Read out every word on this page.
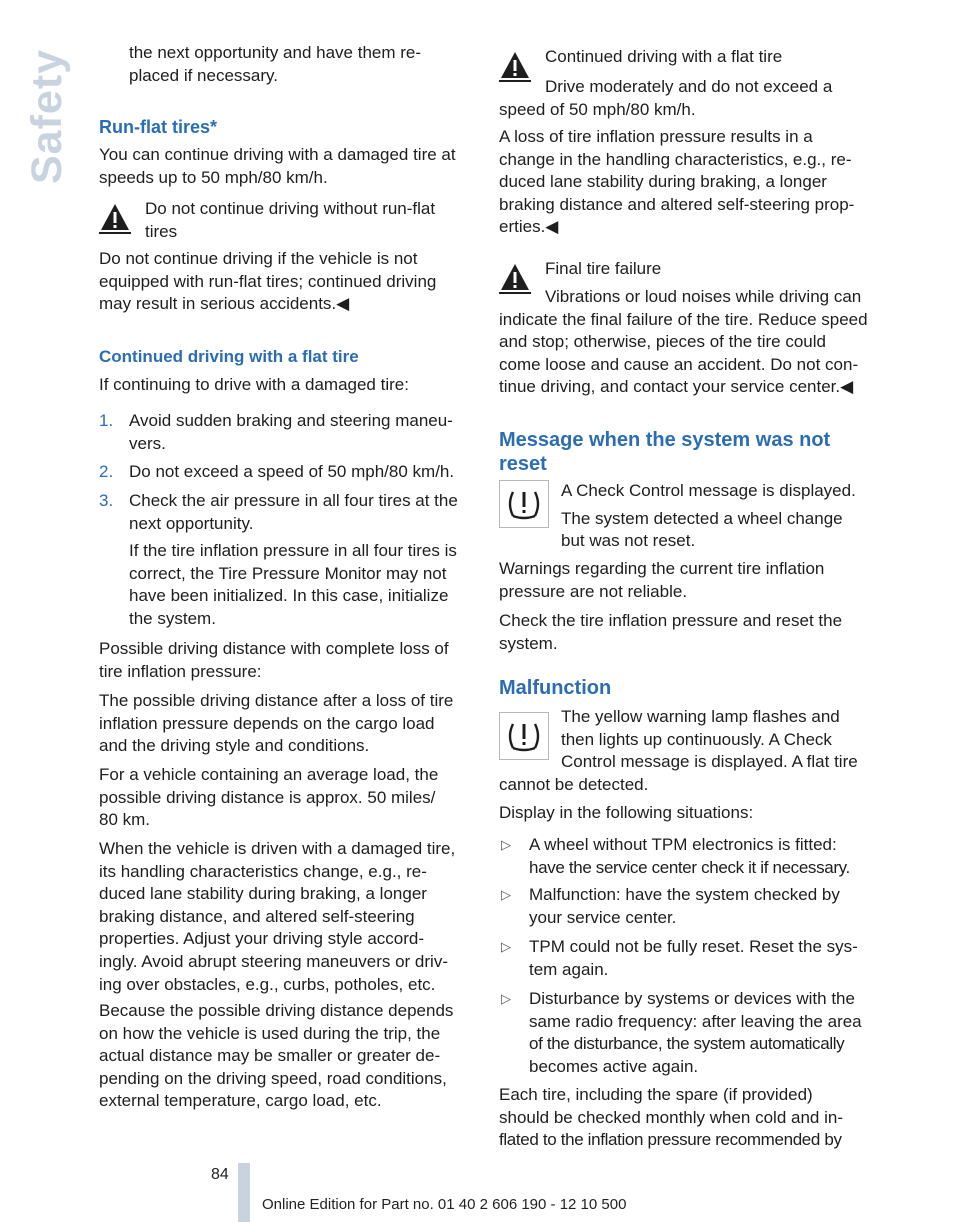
Safety	the next opportunity and have them re-
placed if necessary.
Run-flat tires*
You can continue driving with a damaged tire at
speeds up to 50 mph/80 km/h.
Do not continue driving without run-flat
tires
Do not continue driving if the vehicle is not
equipped with run-flat tires; continued driving
may result in serious accidents.◀
Continued driving with a flat tire
If continuing to drive with a damaged tire:
1. Avoid sudden braking and steering maneu-
vers.
2. Do not exceed a speed of 50 mph/80 km/h.
3. Check the air pressure in all four tires at the
next opportunity.
If the tire inflation pressure in all four tires is
correct, the Tire Pressure Monitor may not
have been initialized. In this case, initialize
the system.
Possible driving distance with complete loss of
tire inflation pressure:
The possible driving distance after a loss of tire
inflation pressure depends on the cargo load
and the driving style and conditions.
For a vehicle containing an average load, the
possible driving distance is approx. 50 miles/
80 km.
When the vehicle is driven with a damaged tire,
its handling characteristics change, e.g., re-
duced lane stability during braking, a longer
braking distance, and altered self-steering
properties. Adjust your driving style accord-
ingly. Avoid abrupt steering maneuvers or driv-
ing over obstacles, e.g., curbs, potholes, etc.
Because the possible driving distance depends
on how the vehicle is used during the trip, the
actual distance may be smaller or greater de-
pending on the driving speed, road conditions,
external temperature, cargo load, etc.
Continued driving with a flat tire
Drive moderately and do not exceed a
speed of 50 mph/80 km/h.
A loss of tire inflation pressure results in a
change in the handling characteristics, e.g., re-
duced lane stability during braking, a longer
braking distance and altered self-steering prop-
erties.◀
Final tire failure
Vibrations or loud noises while driving can
indicate the final failure of the tire. Reduce speed
and stop; otherwise, pieces of the tire could
come loose and cause an accident. Do not con-
tinue driving, and contact your service center.◀
Message when the system was not
reset
A Check Control message is displayed.
The system detected a wheel change
but was not reset.
Warnings regarding the current tire inflation
pressure are not reliable.
Check the tire inflation pressure and reset the
system.
Malfunction
The yellow warning lamp flashes and
then lights up continuously. A Check
Control message is displayed. A flat tire
cannot be detected.
Display in the following situations:
▷ A wheel without TPM electronics is fitted:
have the service center check it if necessary.
▷ Malfunction: have the system checked by
your service center.
▷ TPM could not be fully reset. Reset the sys-
tem again.
▷ Disturbance by systems or devices with the
same radio frequency: after leaving the area
of the disturbance, the system automatically
becomes active again.
Each tire, including the spare (if provided)
should be checked monthly when cold and in-
flated to the inflation pressure recommended by
84
Online Edition for Part no. 01 40 2 606 190 - 12 10 500
